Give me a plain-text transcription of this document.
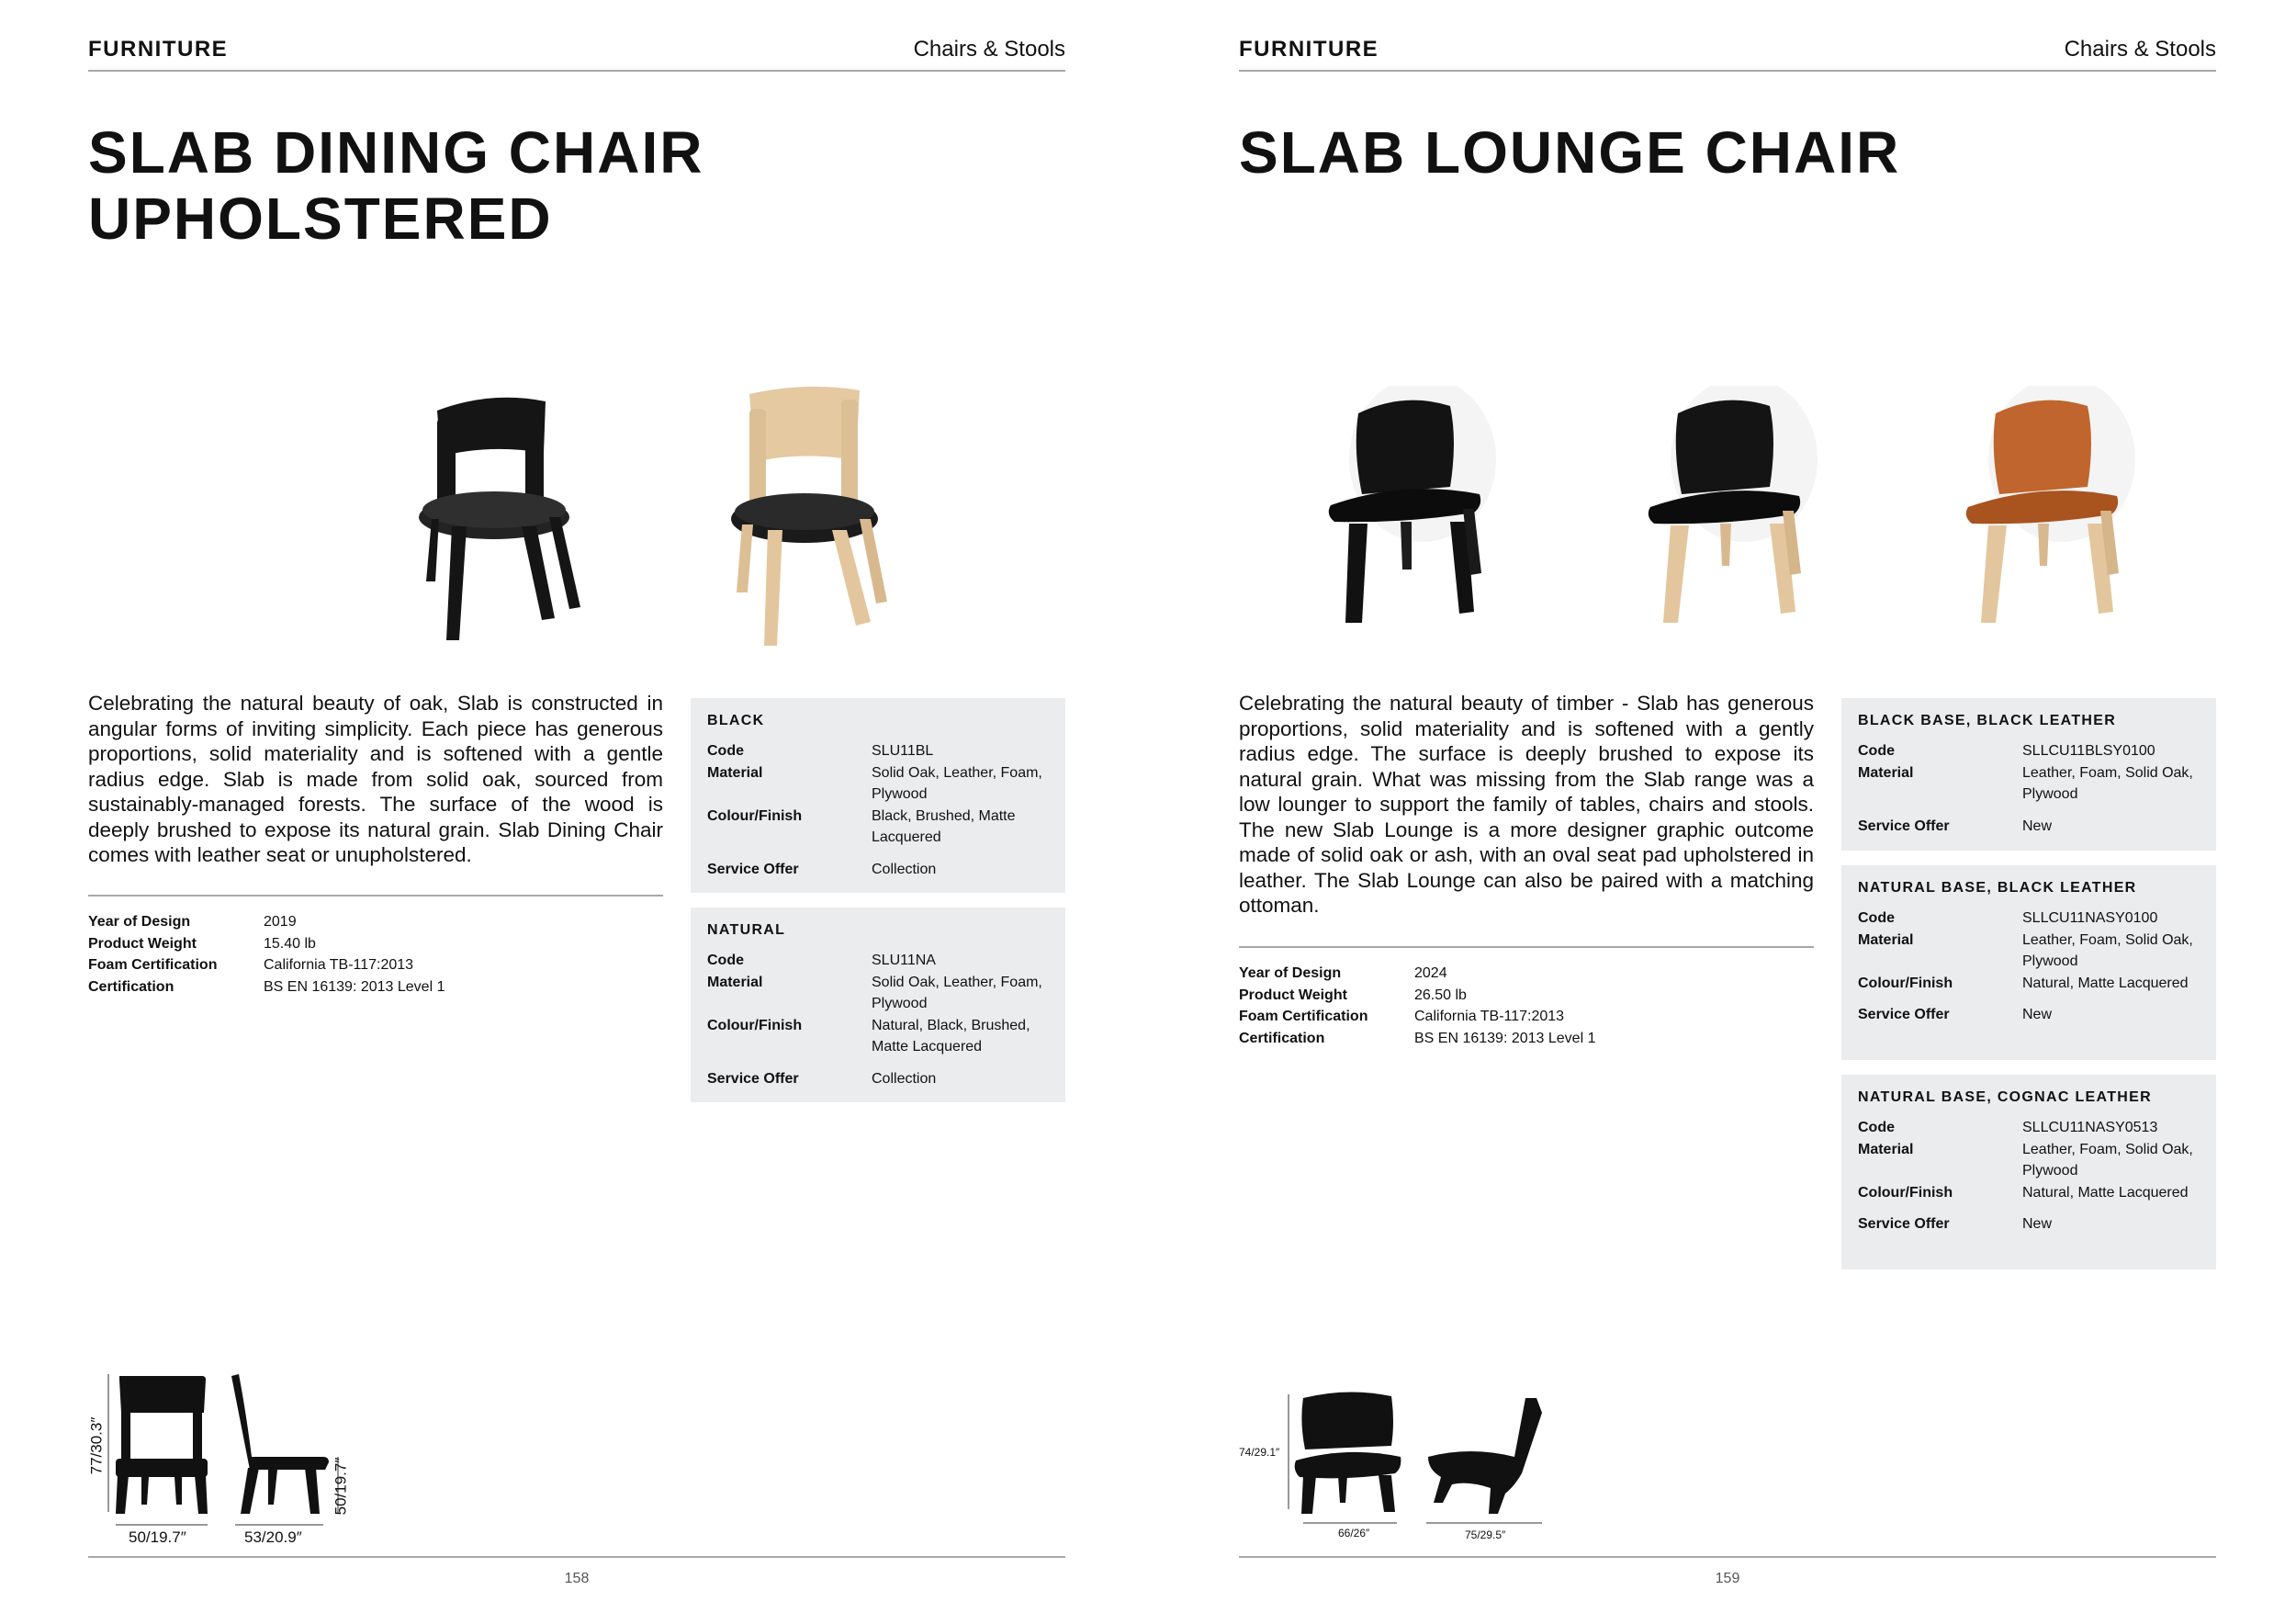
FURNITURE	Chairs & Stools
SLAB DINING CHAIR
UPHOLSTERED

Celebrating the natural beauty of oak, Slab is constructed in angular forms of inviting simplicity. Each piece has generous proportions, solid materiality and is softened with a gentle radius edge. Slab is made from solid oak, sourced from sustainably-managed forests. The surface of the wood is deeply brushed to expose its natural grain. Slab Dining Chair comes with leather seat or unupholstered.

Year of Design	2019
Product Weight	15.40 lb
Foam Certification	California TB-117:2013
Certification	BS EN 16139: 2013 Level 1
BLACK
Code	SLU11BL
Material	Solid Oak, Leather, Foam, Plywood
Colour/Finish	Black, Brushed, Matte Lacquered
Service Offer	Collection
NATURAL
Code	SLU11NA
Material	Solid Oak, Leather, Foam, Plywood
Colour/Finish	Natural, Black, Brushed, Matte Lacquered
Service Offer	Collection
77/30.3″
50/19.7″	53/20.9″
50/19.7″
158
FURNITURE	Chairs & Stools
SLAB LOUNGE CHAIR

Celebrating the natural beauty of timber - Slab has generous proportions, solid materiality and is softened with a gently radius edge. The surface is deeply brushed to expose its natural grain. What was missing from the Slab range was a low lounger to support the family of tables, chairs and stools. The new Slab Lounge is a more designer graphic outcome made of solid oak or ash, with an oval seat pad upholstered in leather. The Slab Lounge can also be paired with a matching ottoman.

Year of Design	2024
Product Weight	26.50 lb
Foam Certification	California TB-117:2013
Certification	BS EN 16139: 2013 Level 1
BLACK BASE, BLACK LEATHER
Code	SLLCU11BLSY0100
Material	Leather, Foam, Solid Oak, Plywood
Service Offer	New
NATURAL BASE, BLACK LEATHER
Code	SLLCU11NASY0100
Material	Leather, Foam, Solid Oak, Plywood
Colour/Finish	Natural, Matte Lacquered
Service Offer	New
NATURAL BASE, COGNAC LEATHER
Code	SLLCU11NASY0513
Material	Leather, Foam, Solid Oak, Plywood
Colour/Finish	Natural, Matte Lacquered
Service Offer	New
74/29.1″
66/26″	75/29.5″
159
